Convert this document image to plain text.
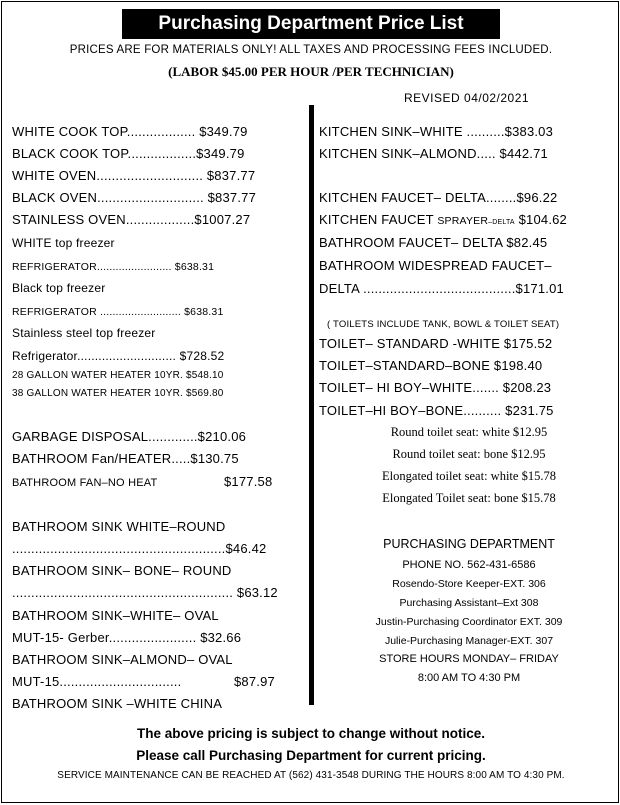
Purchasing Department Price List
PRICES ARE FOR MATERIALS ONLY! ALL TAXES AND PROCESSING FEES INCLUDED.
(LABOR $45.00 PER HOUR /PER TECHNICIAN)
REVISED 04/02/2021
WHITE COOK TOP.................. $349.79
BLACK COOK TOP..................$349.79
WHITE OVEN............................ $837.77
BLACK OVEN............................ $837.77
STAINLESS OVEN..................$1007.27
WHITE top freezer
REFRIGERATOR........................ $638.31
Black top freezer
REFRIGERATOR .......................... $638.31
Stainless steel top freezer
Refrigerator............................ $728.52
28 GALLON WATER HEATER 10YR. $548.10
38 GALLON WATER HEATER 10YR. $569.80
GARBAGE DISPOSAL.............$210.06
BATHROOM Fan/HEATER.....$130.75
BATHROOM FAN–NO HEAT	$177.58
BATHROOM SINK WHITE–ROUND
........................................................$46.42
BATHROOM SINK– BONE– ROUND
.......................................................... $63.12
BATHROOM SINK–WHITE– OVAL
MUT-15- Gerber....................... $32.66
BATHROOM SINK–ALMOND– OVAL
MUT-15................................	$87.97
BATHROOM SINK –WHITE CHINA
KITCHEN SINK–WHITE ..........$383.03
KITCHEN SINK–ALMOND..... $442.71
KITCHEN FAUCET– DELTA........$96.22
KITCHEN FAUCET SPRAYER–DELTA $104.62
BATHROOM FAUCET– DELTA $82.45
BATHROOM WIDESPREAD FAUCET–
DELTA ........................................$171.01
( TOILETS INCLUDE TANK, BOWL & TOILET SEAT)
TOILET– STANDARD -WHITE $175.52
TOILET–STANDARD–BONE $198.40
TOILET– HI BOY–WHITE....... $208.23
TOILET–HI BOY–BONE.......... $231.75
Round toilet seat: white $12.95
Round toilet seat: bone $12.95
Elongated toilet seat: white $15.78
Elongated Toilet seat: bone $15.78
PURCHASING DEPARTMENT
PHONE NO. 562-431-6586
Rosendo-Store Keeper-EXT. 306
Purchasing Assistant–Ext 308
Justin-Purchasing Coordinator EXT. 309
Julie-Purchasing Manager-EXT. 307
STORE HOURS MONDAY– FRIDAY
8:00 AM TO 4:30 PM
The above pricing is subject to change without notice.
Please call Purchasing Department for current pricing.
SERVICE MAINTENANCE CAN BE REACHED AT (562) 431-3548 DURING THE HOURS 8:00 AM TO 4:30 PM.
